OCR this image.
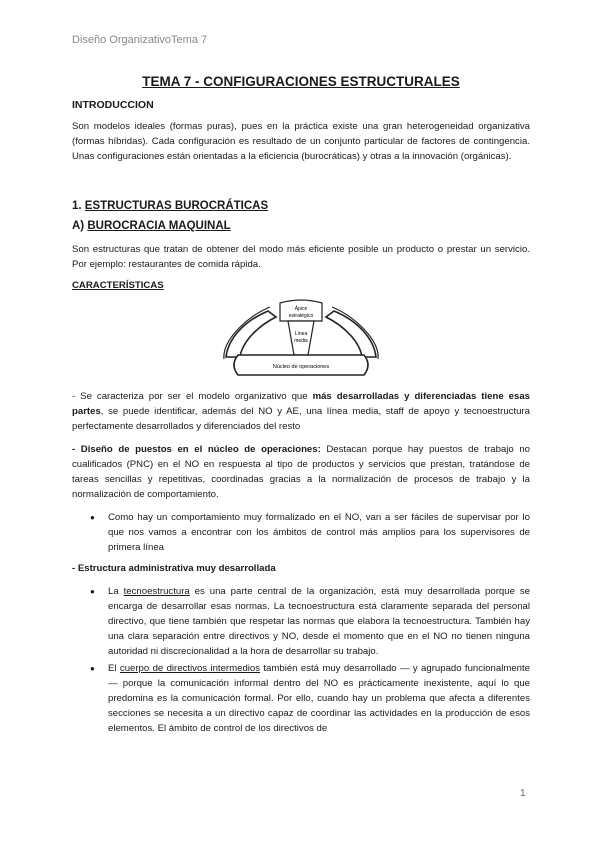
Diseño OrganizativoTema 7
TEMA 7 - CONFIGURACIONES ESTRUCTURALES
INTRODUCCION

Son modelos ideales (formas puras), pues en la práctica existe una gran heterogeneidad organizativa (formas híbridas). Cada configuración es resultado de un conjunto particular de factores de contingencia. Unas configuraciones están orientadas a la eficiencia (burocráticas) y otras a la innovación (orgánicas).

1. ESTRUCTURAS BUROCRÁTICAS
A) BUROCRACIA MAQUINAL

Son estructuras que tratan de obtener del modo más eficiente posible un producto o prestar un servicio. Por ejemplo: restaurantes de comida rápida.

CARACTERÍSTICAS
Ápice
estratégico
Línea
media
Núcleo de operaciones

- Se caracteriza por ser el modelo organizativo que más desarrolladas y diferenciadas tiene esas partes, se puede identificar, además del NO y AE, una línea media, staff de apoyo y tecnoestructura perfectamente desarrollados y diferenciados del resto

- Diseño de puestos en el núcleo de operaciones: Destacan porque hay puestos de trabajo no cualificados (PNC) en el NO en respuesta al tipo de productos y servicios que prestan, tratándose de tareas sencillas y repetitivas, coordinadas gracias a la normalización de procesos de trabajo y la normalización de comportamiento.

● Como hay un comportamiento muy formalizado en el NO, van a ser fáciles de supervisar por lo que nos vamos a encontrar con los ámbitos de control más amplios para los supervisores de primera línea

- Estructura administrativa muy desarrollada

● La tecnoestructura es una parte central de la organización, está muy desarrollada porque se encarga de desarrollar esas normas. La tecnoestructura está claramente separada del personal directivo, que tiene también que respetar las normas que elabora la tecnoestructura. También hay una clara separación entre directivos y NO, desde el momento que en el NO no tienen ninguna autoridad ni discrecionalidad a la hora de desarrollar su trabajo.
● El cuerpo de directivos intermedios también está muy desarrollado — y agrupado funcionalmente — porque la comunicación informal dentro del NO es prácticamente inexistente, aquí lo que predomina es la comunicación formal. Por ello, cuando hay un problema que afecta a diferentes secciones se necesita a un directivo capaz de coordinar las actividades en la producción de esos elementos. El ámbito de control de los directivos de
1
